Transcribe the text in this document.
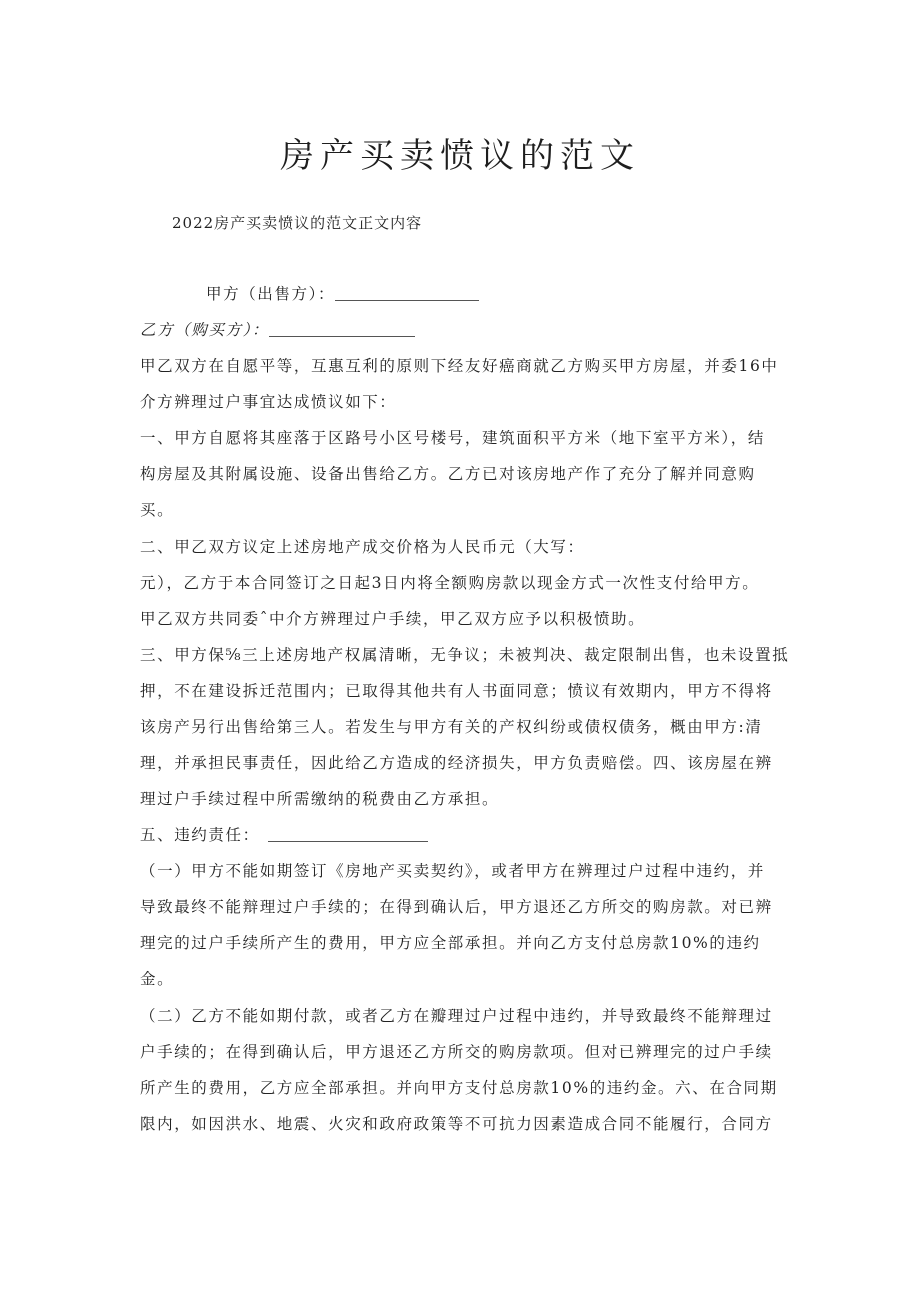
房产买卖愤议的范文
2022房产买卖愤议的范文正文内容
甲方（出售方）：
乙方（购买方）：
甲乙双方在自愿平等，互惠互利的原则下经友好癌商就乙方购买甲方房屋，并委16中
介方辨理过户事宜达成愤议如下：
一、甲方自愿将其座落于区路号小区号楼号，建筑面积平方米（地下室平方米），结
构房屋及其附属设施、设备出售给乙方。乙方已对该房地产作了充分了解并同意购
买。
二、甲乙双方议定上述房地产成交价格为人民币元（大写：
元），乙方于本合同签订之日起3日内将全额购房款以现金方式一次性支付给甲方。
甲乙双方共同委ˆ中介方辨理过户手续，甲乙双方应予以积极愤助。
三、甲方保⅝三上述房地产权属清晰，无争议；未被判决、裁定限制出售，也未设置抵
押，不在建设拆迁范围内；已取得其他共有人书面同意；愤议有效期内，甲方不得将
该房产另行出售给第三人。若发生与甲方有关的产权纠纷或债权债务，概由甲方:清
理，并承担民事责任，因此给乙方造成的经济损失，甲方负责赔偿。四、该房屋在辨
理过户手续过程中所需缴纳的税费由乙方承担。
五、违约责任：
（一）甲方不能如期签订《房地产买卖契约》，或者甲方在辨理过户过程中违约，并
导致最终不能辩理过户手续的；在得到确认后，甲方退还乙方所交的购房款。对已辨
理完的过户手续所产生的费用，甲方应全部承担。并向乙方支付总房款10%的违约
金。
（二）乙方不能如期付款，或者乙方在瓣理过户过程中违约，并导致最终不能辩理过
户手续的；在得到确认后，甲方退还乙方所交的购房款项。但对已辨理完的过户手续
所产生的费用，乙方应全部承担。并向甲方支付总房款10%的违约金。六、在合同期
限内，如因洪水、地震、火灾和政府政策等不可抗力因素造成合同不能履行，合同方
